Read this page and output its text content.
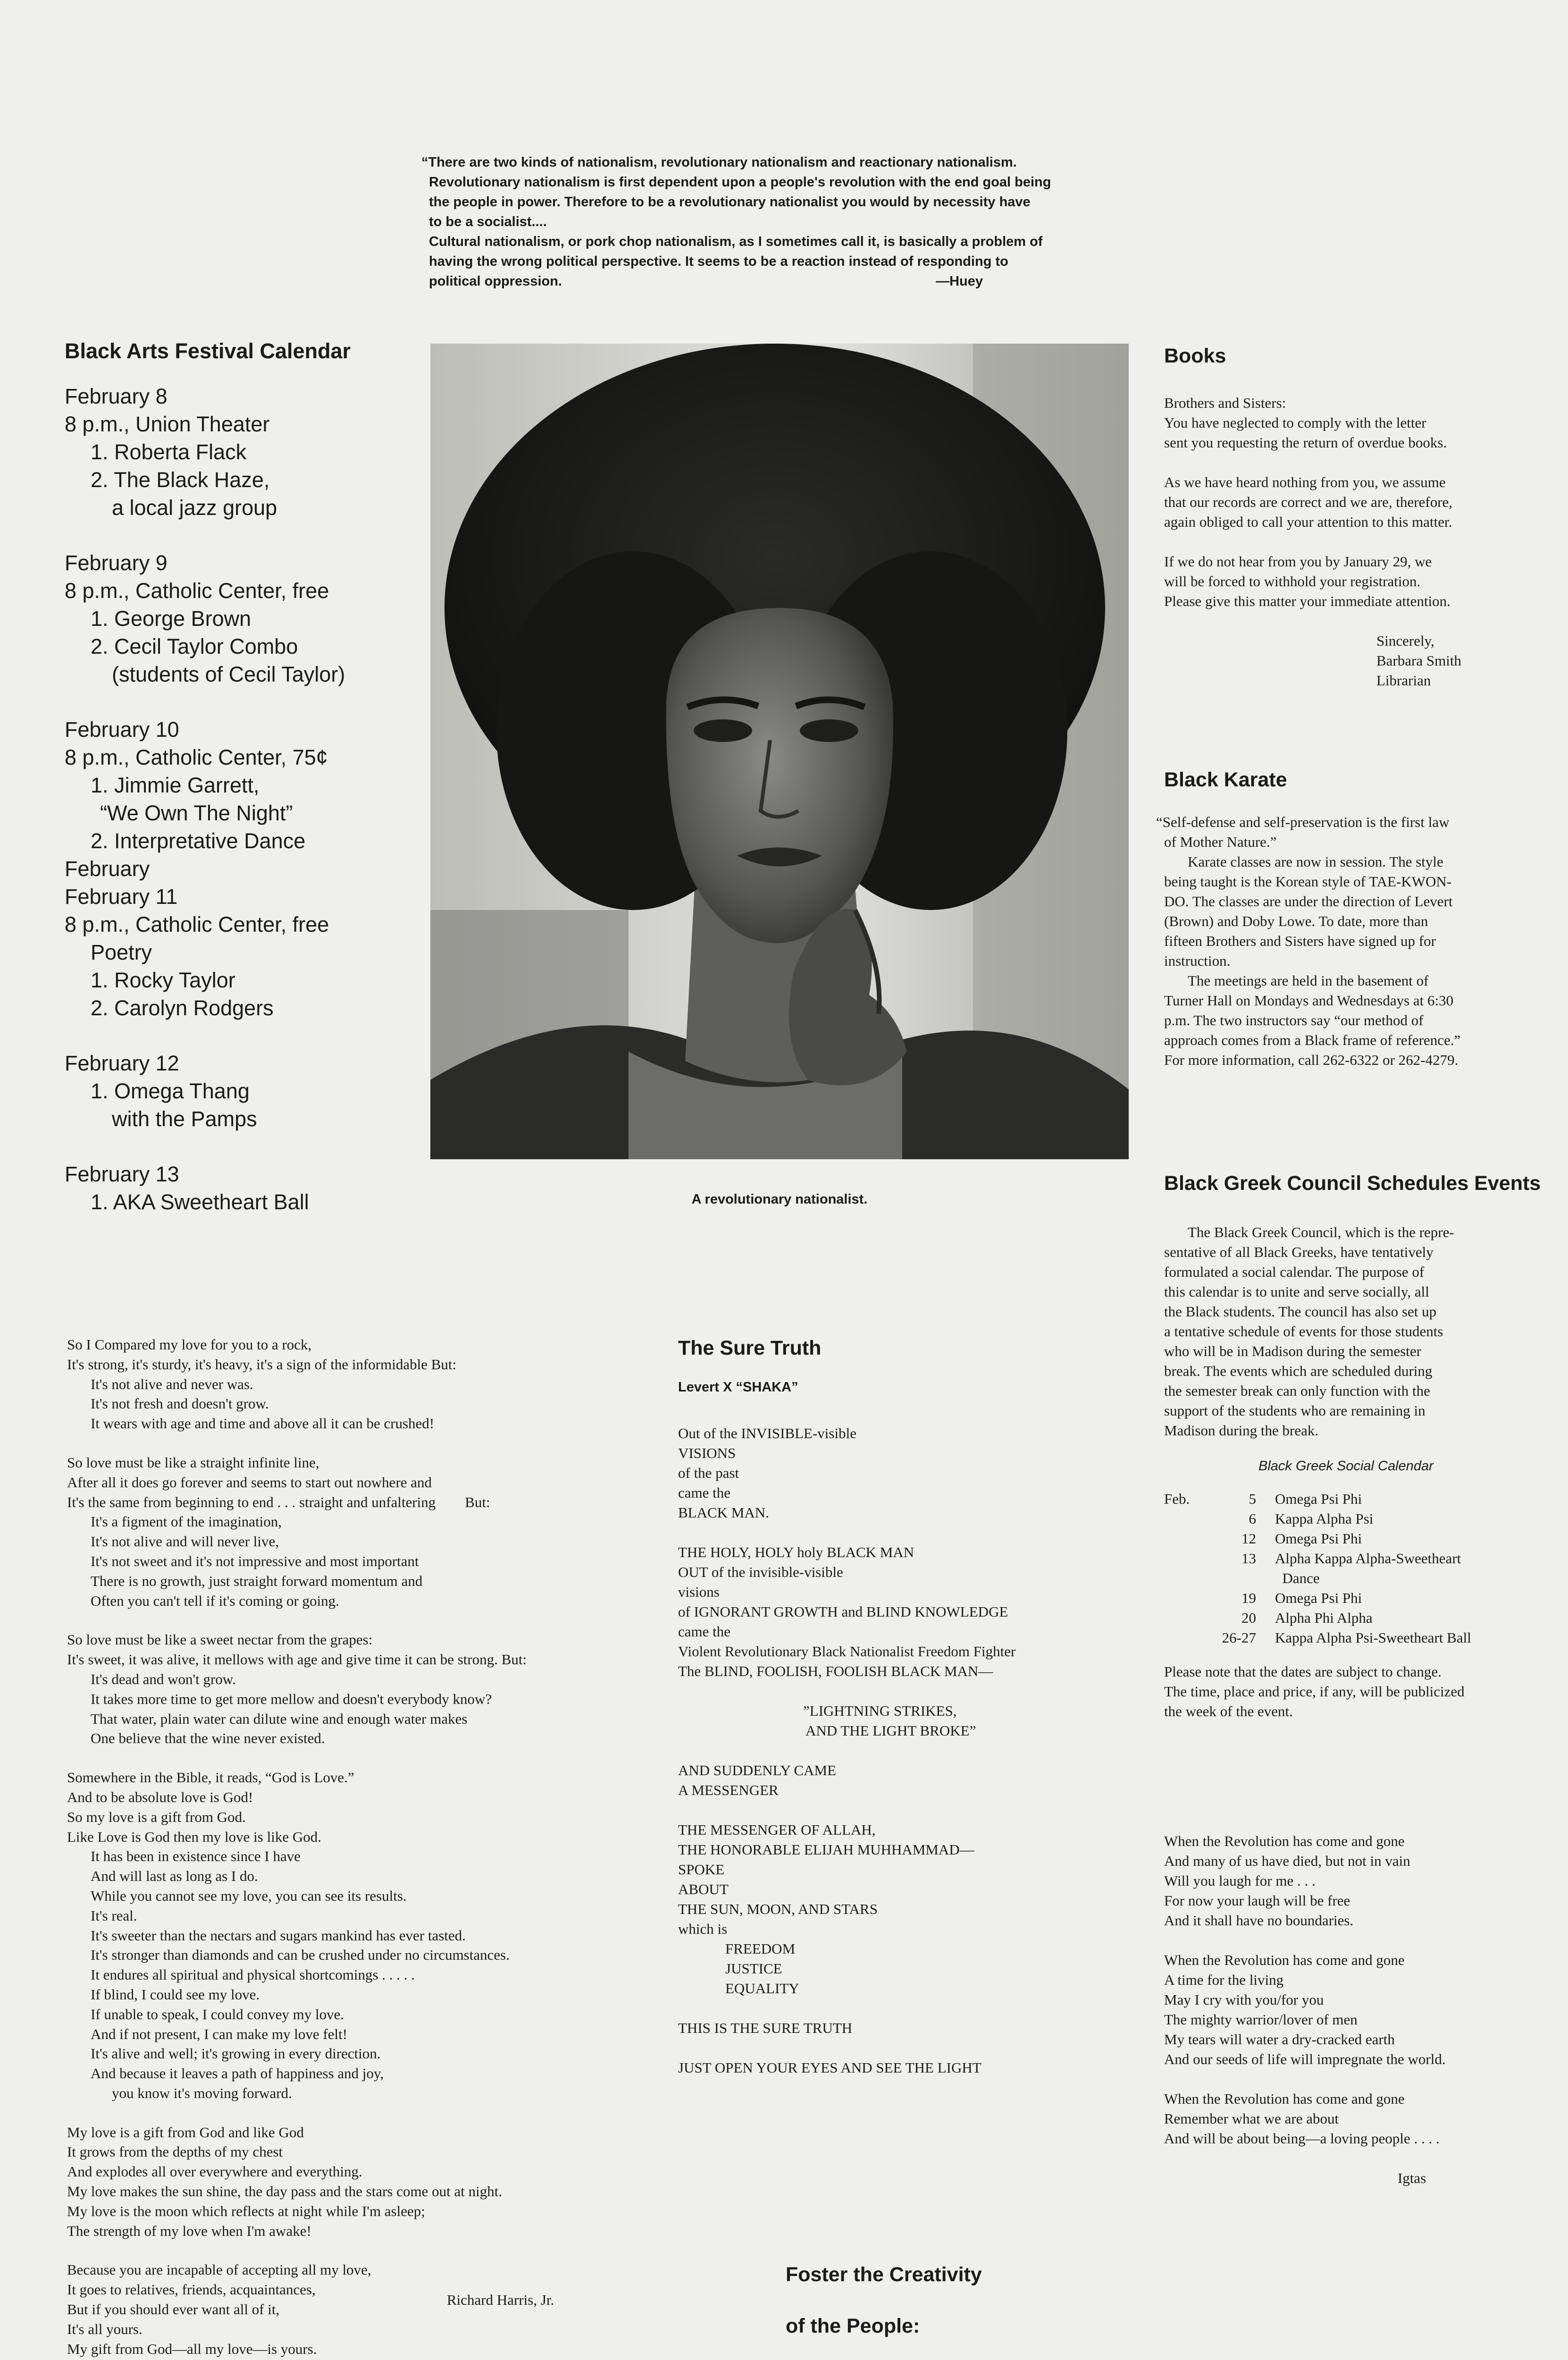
“There are two kinds of nationalism, revolutionary nationalism and reactionary nationalism.
Revolutionary nationalism is first dependent upon a people's revolution with the end goal being
the people in power. Therefore to be a revolutionary nationalist you would by necessity have
to be a socialist....
Cultural nationalism, or pork chop nationalism, as I sometimes call it, is basically a problem of
having the wrong political perspective. It seems to be a reaction instead of responding to
political oppression.	—Huey
Black Arts Festival Calendar
February 8
8 p.m., Union Theater
1. Roberta Flack
2. The Black Haze,
a local jazz group
February 9
8 p.m., Catholic Center, free
1. George Brown
2. Cecil Taylor Combo
(students of Cecil Taylor)
February 10
8 p.m., Catholic Center, 75¢
1. Jimmie Garrett,
“We Own The Night”
2. Interpretative Dance
February
February 11
8 p.m., Catholic Center, free
Poetry
1. Rocky Taylor
2. Carolyn Rodgers
February 12
1. Omega Thang
with the Pamps
February 13
1. AKA Sweetheart Ball	A revolutionary nationalist.
Books

Brothers and Sisters:
You have neglected to comply with the letter
sent you requesting the return of overdue books.

As we have heard nothing from you, we assume
that our records are correct and we are, therefore,
again obliged to call your attention to this matter.

If we do not hear from you by January 29, we
will be forced to withhold your registration.
Please give this matter your immediate attention.

Sincerely,
Barbara Smith
Librarian
Black Karate
“Self-defense and self-preservation is the first law
of Mother Nature.”
Karate classes are now in session. The style
being taught is the Korean style of TAE-KWON-
DO. The classes are under the direction of Levert
(Brown) and Doby Lowe. To date, more than
fifteen Brothers and Sisters have signed up for
instruction.
The meetings are held in the basement of
Turner Hall on Mondays and Wednesdays at 6:30
p.m. The two instructors say “our method of
approach comes from a Black frame of reference.”
For more information, call 262-6322 or 262-4279.
Black Greek Council Schedules Events
The Black Greek Council, which is the repre-
sentative of all Black Greeks, have tentatively
formulated a social calendar. The purpose of
this calendar is to unite and serve socially, all
the Black students. The council has also set up
a tentative schedule of events for those students
who will be in Madison during the semester
break. The events which are scheduled during
the semester break can only function with the
support of the students who are remaining in
Madison during the break.
Black Greek Social Calendar
Feb.	5	Omega Psi Phi
	6	Kappa Alpha Psi
	12	Omega Psi Phi
	13	Alpha Kappa Alpha-Sweetheart
		Dance
	19	Omega Psi Phi
	20	Alpha Phi Alpha
	26-27	Kappa Alpha Psi-Sweetheart Ball
Please note that the dates are subject to change.
The time, place and price, if any, will be publicized
the week of the event.
When the Revolution has come and gone
And many of us have died, but not in vain
Will you laugh for me . . .
For now your laugh will be free
And it shall have no boundaries.
When the Revolution has come and gone
A time for the living
May I cry with you/for you
The mighty warrior/lover of men
My tears will water a dry-cracked earth
And our seeds of life will impregnate the world.
When the Revolution has come and gone
Remember what we are about
And will be about being—a loving people . . . .
Igtas
So I Compared my love for you to a rock,
It's strong, it's sturdy, it's heavy, it's a sign of the informidable But:
It's not alive and never was.
It's not fresh and doesn't grow.
It wears with age and time and above all it can be crushed!
So love must be like a straight infinite line,
After all it does go forever and seems to start out nowhere and
It's the same from beginning to end . . . straight and unfaltering        But:
It's a figment of the imagination,
It's not alive and will never live,
It's not sweet and it's not impressive and most important
There is no growth, just straight forward momentum and
Often you can't tell if it's coming or going.
So love must be like a sweet nectar from the grapes:
It's sweet, it was alive, it mellows with age and give time it can be strong. But:
It's dead and won't grow.
It takes more time to get more mellow and doesn't everybody know?
That water, plain water can dilute wine and enough water makes
One believe that the wine never existed.
Somewhere in the Bible, it reads, “God is Love.”
And to be absolute love is God!
So my love is a gift from God.
Like Love is God then my love is like God.
It has been in existence since I have
And will last as long as I do.
While you cannot see my love, you can see its results.
It's real.
It's sweeter than the nectars and sugars mankind has ever tasted.
It's stronger than diamonds and can be crushed under no circumstances.
It endures all spiritual and physical shortcomings . . . . .
If blind, I could see my love.
If unable to speak, I could convey my love.
And if not present, I can make my love felt!
It's alive and well; it's growing in every direction.
And because it leaves a path of happiness and joy,
you know it's moving forward.
My love is a gift from God and like God
It grows from the depths of my chest
And explodes all over everywhere and everything.
My love makes the sun shine, the day pass and the stars come out at night.
My love is the moon which reflects at night while I'm asleep;
The strength of my love when I'm awake!
Because you are incapable of accepting all my love,
It goes to relatives, friends, acquaintances,
But if you should ever want all of it,
It's all yours.
My gift from God—all my love—is yours.
Richard Harris, Jr.
The Sure Truth
Levert X “SHAKA”
Out of the INVISIBLE-visible
VISIONS
of the past
came the
BLACK MAN.
THE HOLY, HOLY holy BLACK MAN
OUT of the invisible-visible
visions
of IGNORANT GROWTH and BLIND KNOWLEDGE
came the
Violent Revolutionary Black Nationalist Freedom Fighter
The BLIND, FOOLISH, FOOLISH BLACK MAN—
”LIGHTNING STRIKES,
AND THE LIGHT BROKE”
AND SUDDENLY CAME
A MESSENGER
THE MESSENGER OF ALLAH,
THE HONORABLE ELIJAH MUHHAMMAD—
SPOKE
ABOUT
THE SUN, MOON, AND STARS
which is
FREEDOM
JUSTICE
EQUALITY
THIS IS THE SURE TRUTH
JUST OPEN YOUR EYES AND SEE THE LIGHT
Foster the Creativity
of the People:
